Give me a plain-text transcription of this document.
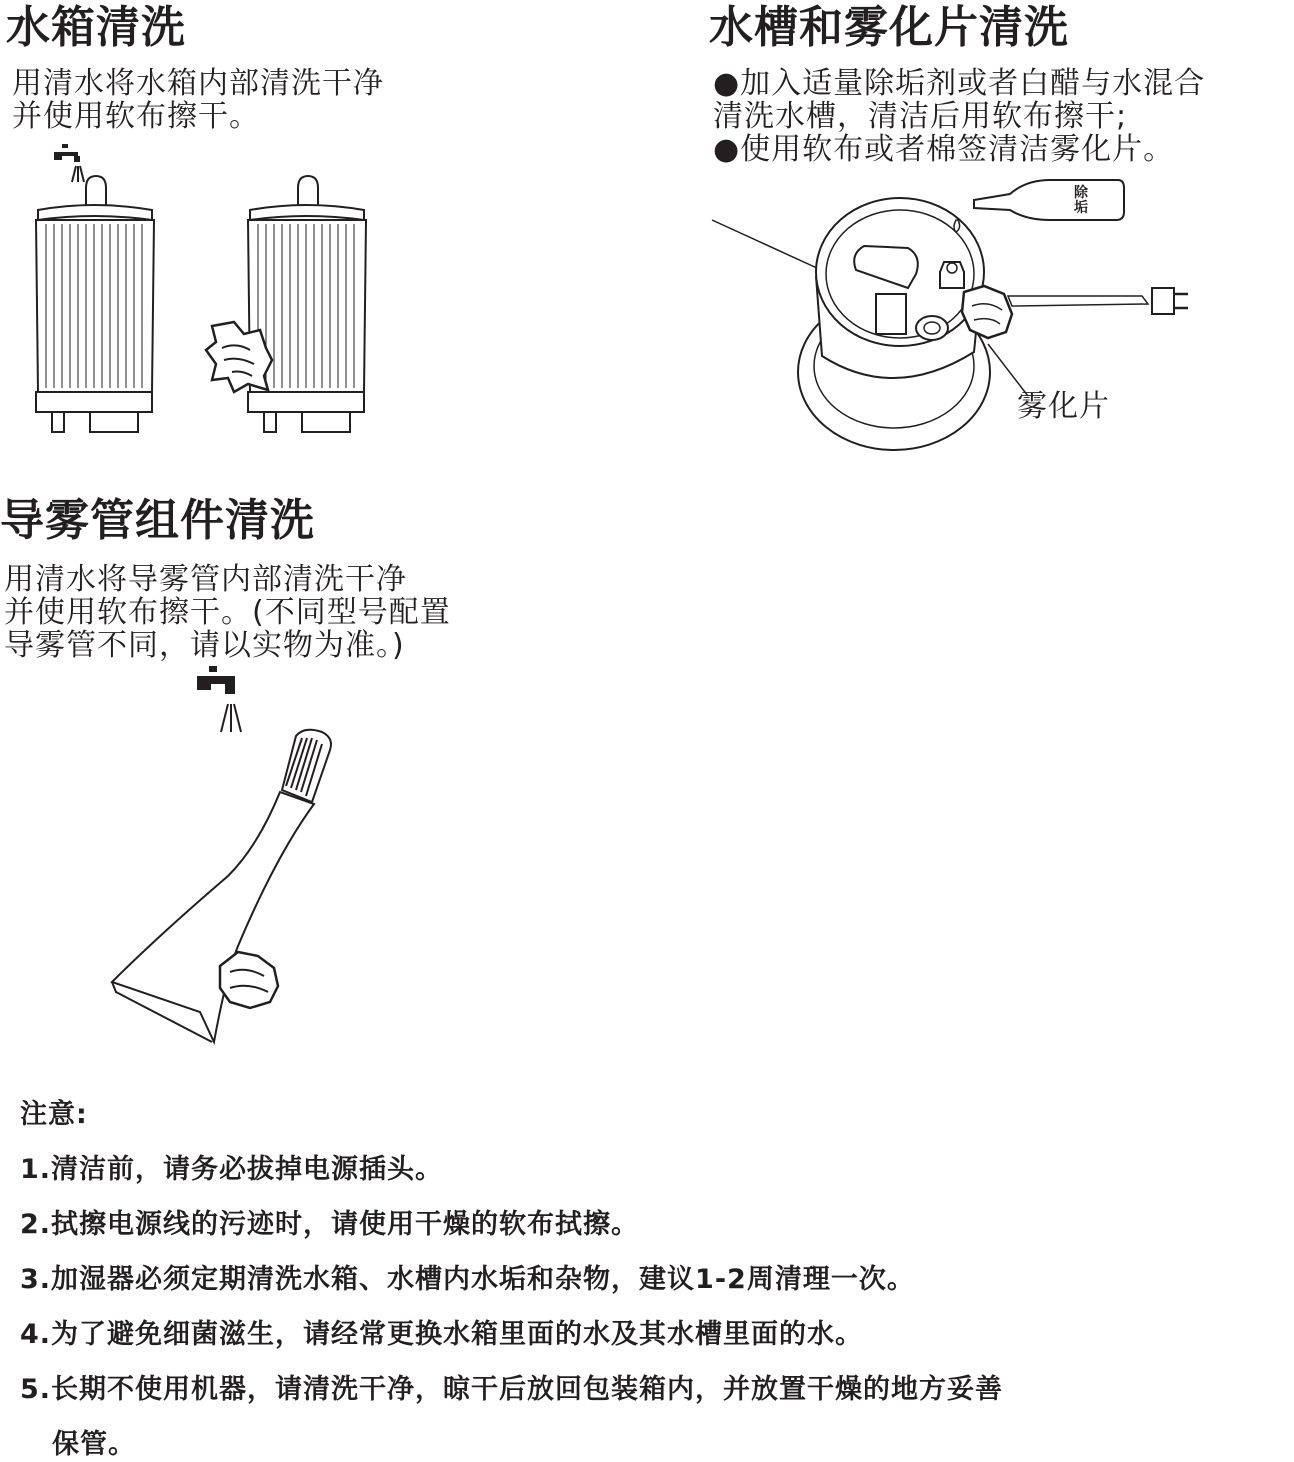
水箱清洗
用清水将水箱内部清洗干净
并使用软布擦干。
水槽和雾化片清洗
●加入适量除垢剂或者白醋与水混合
清洗水槽，清洁后用软布擦干;
●使用软布或者棉签清洁雾化片。
除垢
雾化片
导雾管组件清洗
用清水将导雾管内部清洗干净
并使用软布擦干。(不同型号配置
导雾管不同，请以实物为准。)
注意:
1.清洁前，请务必拔掉电源插头。
2.拭擦电源线的污迹时，请使用干燥的软布拭擦。
3.加湿器必须定期清洗水箱、水槽内水垢和杂物，建议1-2周清理一次。
4.为了避免细菌滋生，请经常更换水箱里面的水及其水槽里面的水。
5.长期不使用机器，请清洗干净，晾干后放回包装箱内，并放置干燥的地方妥善
保管。
